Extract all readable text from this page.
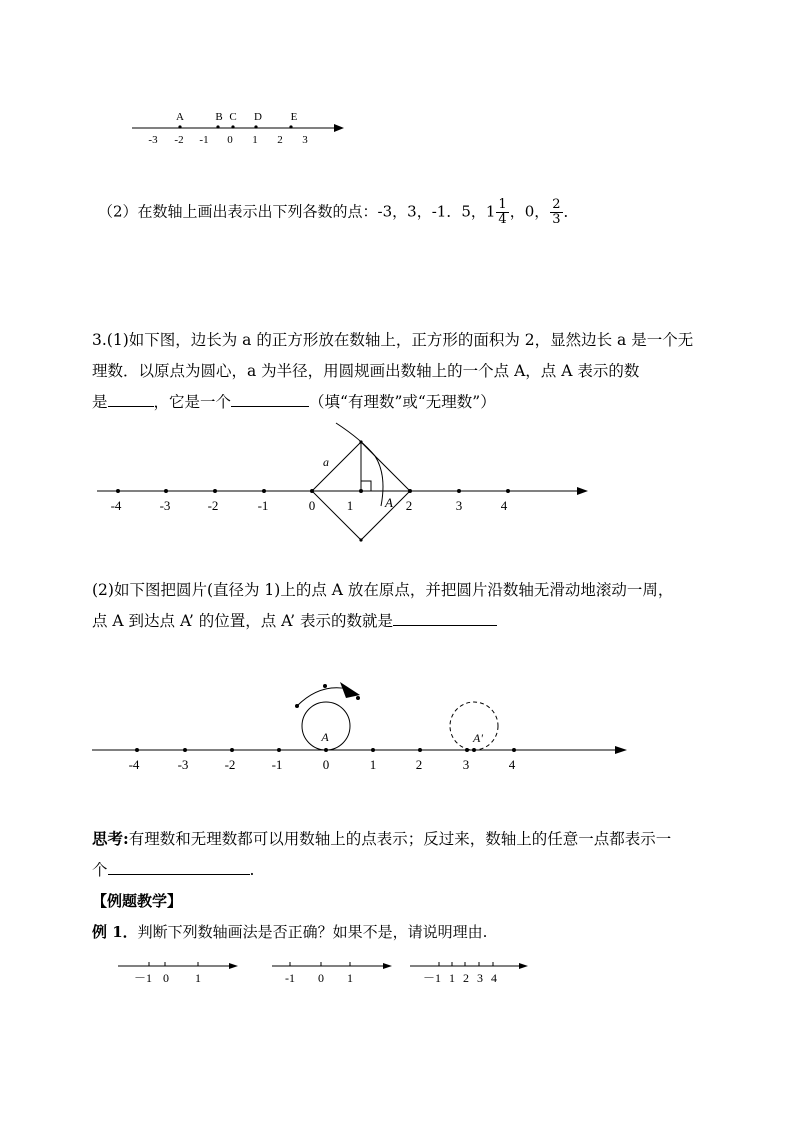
A	B C D	E
-3 -2 -1 0 1 2 3
（2）在数轴上画出表示出下列各数的点：-3，3，-1．5，$1 \frac{1}{4}$ ，0， $\frac{2}{3}$ ．
3.(1)如下图，边长为 a 的正方形放在数轴上，正方形的面积为 2，显然边长 a 是一个无
理数．以原点为圆心，a 为半径，用圆规画出数轴上的一个点 A，点 A 表示的数
是	，它是一个	（填“有理数”或“无理数”）
a
A
-4	-3	-2	-1	0 1	2	3	4
(2)如下图把圆片(直径为 1)上的点 A 放在原点，并把圆片沿数轴无滑动地滚动一周，
点 A 到达点 A’ 的位置，点 A’ 表示的数就是
A	A'
-4	-3	-2	-1	0	1	2	3	4
思考:有理数和无理数都可以用数轴上的点表示；反过来，数轴上的任意一点都表示一
个	.
【例题教学】
例 1．判断下列数轴画法是否正确？如果不是，请说明理由.
－1 0 1	-1 0 1	－1 1 2 3 4
